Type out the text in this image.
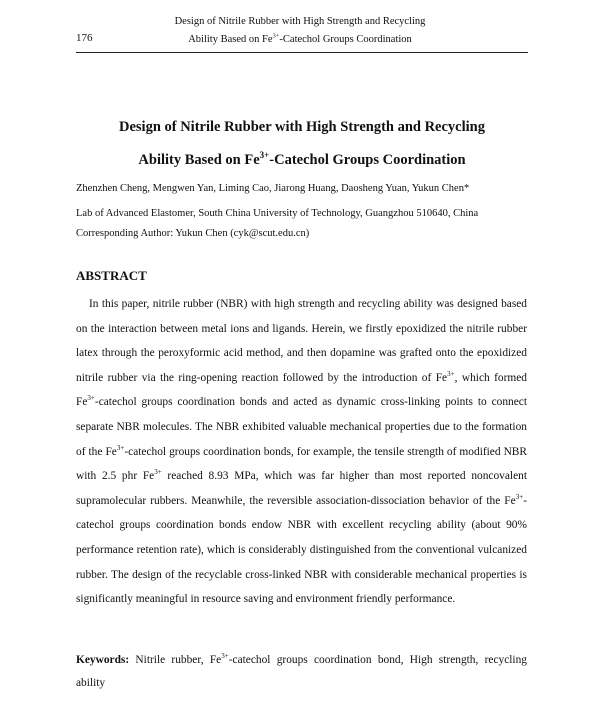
Design of Nitrile Rubber with High Strength and Recycling
176	Ability Based on $Fe^{3+}$-Catechol Groups Coordination
Design of Nitrile Rubber with High Strength and Recycling
Ability Based on $Fe^{3+}$-Catechol Groups Coordination
Zhenzhen Cheng, Mengwen Yan, Liming Cao, Jiarong Huang, Daosheng Yuan, Yukun Chen*
Lab of Advanced Elastomer, South China University of Technology, Guangzhou 510640, China
Corresponding Author: Yukun Chen (cyk@scut.edu.cn)
ABSTRACT

In this paper, nitrile rubber (NBR) with high strength and recycling ability was designed based on the interaction between metal ions and ligands. Herein, we firstly epoxidized the nitrile rubber latex through the peroxyformic acid method, and then dopamine was grafted onto the epoxidized nitrile rubber via the ring-opening reaction followed by the introduction of $Fe^{3+}$, which formed $Fe^{3+}$-catechol groups coordination bonds and acted as dynamic cross-linking points to connect separate NBR molecules. The NBR exhibited valuable mechanical properties due to the formation of the $Fe^{3+}$-catechol groups coordination bonds, for example, the tensile strength of modified NBR with 2.5 phr $Fe^{3+}$ reached 8.93 MPa, which was far higher than most reported noncovalent supramolecular rubbers. Meanwhile, the reversible association-dissociation behavior of the $Fe^{3+}$-catechol groups coordination bonds endow NBR with excellent recycling ability (about 90% performance retention rate), which is considerably distinguished from the conventional vulcanized rubber. The design of the recyclable cross-linked NBR with considerable mechanical properties is significantly meaningful in resource saving and environment friendly performance.

Keywords: Nitrile rubber, $Fe^{3+}$-catechol groups coordination bond, High strength, recycling ability
